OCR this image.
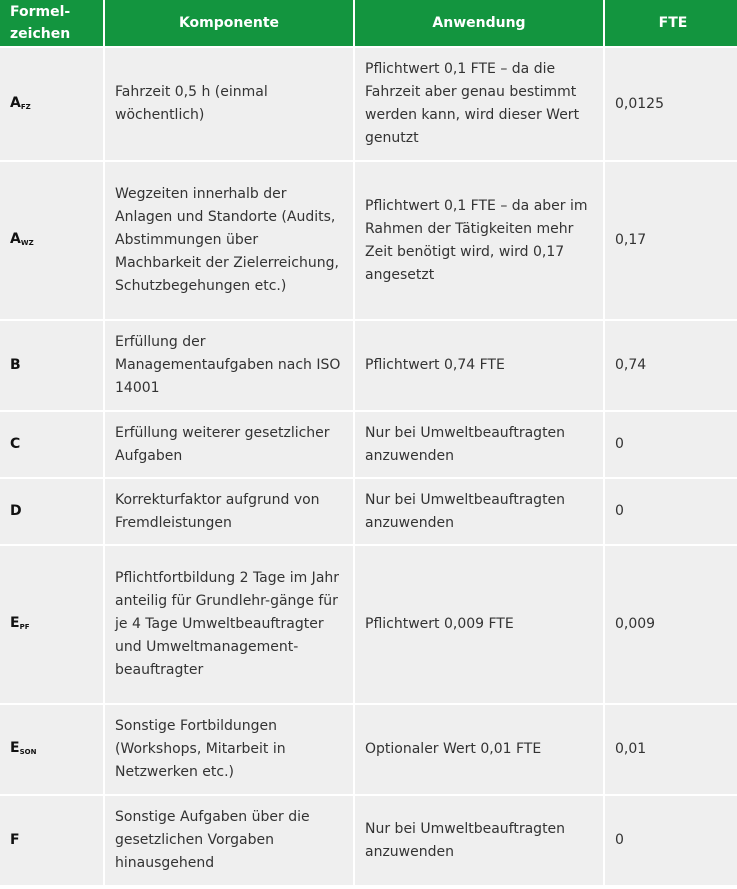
Formel-
zeichen	Komponente	Anwendung	FTE
$A_{FZ}$	Fahrzeit 0,5 h (einmal wöchentlich)	Pflichtwert 0,1 FTE – da die Fahrzeit aber genau bestimmt werden kann, wird dieser Wert genutzt	0,0125
$A_{WZ}$	Wegzeiten innerhalb der Anlagen und Standorte (Audits, Abstimmungen über Machbarkeit der Zielerreichung, Schutzbegehungen etc.)	Pflichtwert 0,1 FTE – da aber im Rahmen der Tätigkeiten mehr Zeit benötigt wird, wird 0,17 angesetzt	0,17
B	Erfüllung der Managementaufgaben nach ISO 14001	Pflichtwert 0,74 FTE	0,74
C	Erfüllung weiterer gesetzlicher Aufgaben	Nur bei Umweltbeauftragten anzuwenden	0
D	Korrekturfaktor aufgrund von Fremdleistungen	Nur bei Umweltbeauftragten anzuwenden	0
$E_{PF}$	Pflichtfortbildung 2 Tage im Jahr anteilig für Grundlehr-gänge für je 4 Tage Umweltbeauftragter und Umweltmanagement-beauftragter	Pflichtwert 0,009 FTE	0,009
$E_{SON}$	Sonstige Fortbildungen (Workshops, Mitarbeit in Netzwerken etc.)	Optionaler Wert 0,01 FTE	0,01
F	Sonstige Aufgaben über die gesetzlichen Vorgaben hinausgehend	Nur bei Umweltbeauftragten anzuwenden	0
